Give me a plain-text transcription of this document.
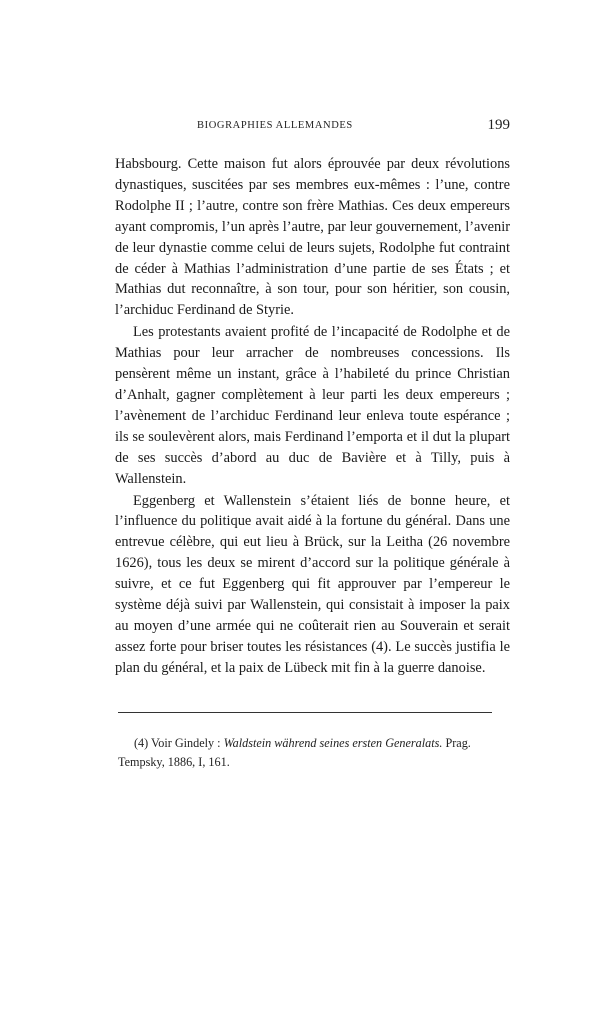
BIOGRAPHIES ALLEMANDES	199

Habsbourg. Cette maison fut alors éprouvée par deux révolutions dynastiques, suscitées par ses membres eux-mêmes : l’une, contre Rodolphe II ; l’autre, contre son frère Mathias. Ces deux empereurs ayant compromis, l’un après l’autre, par leur gouvernement, l’avenir de leur dynastie comme celui de leurs sujets, Rodolphe fut contraint de céder à Mathias l’administration d’une partie de ses États ; et Mathias dut reconnaître, à son tour, pour son héritier, son cousin, l’archiduc Ferdinand de Styrie.

Les protestants avaient profité de l’incapacité de Rodolphe et de Mathias pour leur arracher de nombreuses concessions. Ils pensèrent même un instant, grâce à l’habileté du prince Christian d’Anhalt, gagner complètement à leur parti les deux empereurs ; l’avènement de l’archiduc Ferdinand leur enleva toute espérance ; ils se soulevèrent alors, mais Ferdinand l’emporta et il dut la plupart de ses succès d’abord au duc de Bavière et à Tilly, puis à Wallenstein.

Eggenberg et Wallenstein s’étaient liés de bonne heure, et l’influence du politique avait aidé à la fortune du général. Dans une entrevue célèbre, qui eut lieu à Brück, sur la Leitha (26 novembre 1626), tous les deux se mirent d’accord sur la politique générale à suivre, et ce fut Eggenberg qui fit approuver par l’empereur le système déjà suivi par Wallenstein, qui consistait à imposer la paix au moyen d’une armée qui ne coûterait rien au Souverain et serait assez forte pour briser toutes les résistances (4). Le succès justifia le plan du général, et la paix de Lübeck mit fin à la guerre danoise.

(4) Voir Gindely : Waldstein während seines ersten Generalats. Prag. Tempsky, 1886, I, 161.
